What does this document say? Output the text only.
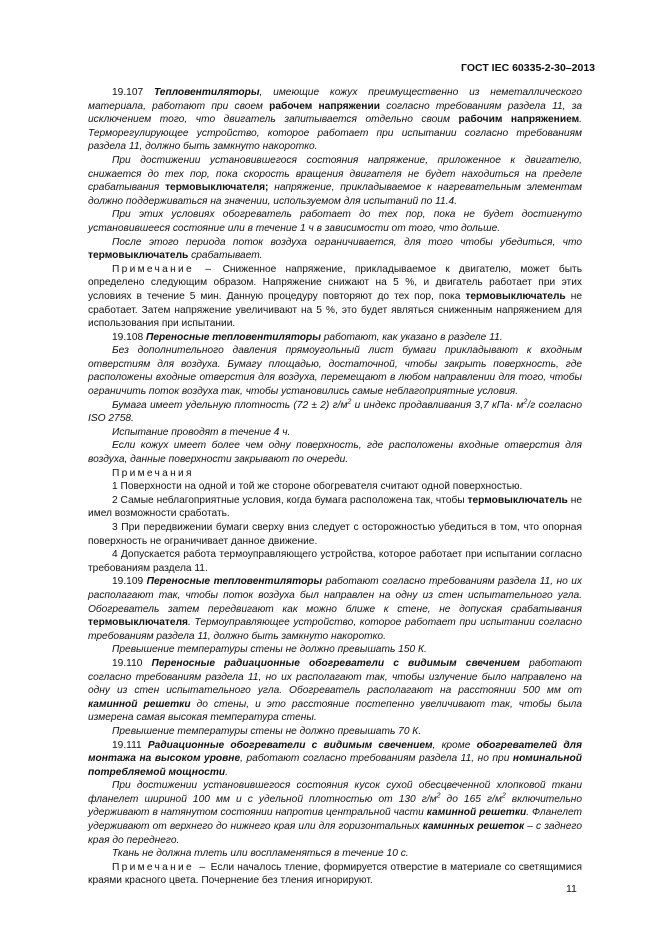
ГОСТ IEC 60335-2-30–2013

19.107 Тепловентиляторы, имеющие кожух преимущественно из неметаллического материала, работают при своем рабочем напряжении согласно требованиям раздела 11, за исключением того, что двигатель запитывается отдельно своим рабочим напряжением. Терморегулирующее устройство, которое работает при испытании согласно требованиям раздела 11, должно быть замкнуто накоротко.

При достижении установившегося состояния напряжение, приложенное к двигателю, снижается до тех пор, пока скорость вращения двигателя не будет находиться на пределе срабатывания термовыключателя; напряжение, прикладываемое к нагревательным элементам должно поддерживаться на значении, используемом для испытаний по 11.4.

При этих условиях обогреватель работает до тех пор, пока не будет достигнуто установившееся состояние или в течение 1 ч в зависимости от того, что дольше.

После этого периода поток воздуха ограничивается, для того чтобы убедиться, что термовыключатель срабатывает.

Примечание – Сниженное напряжение, прикладываемое к двигателю, может быть определено следующим образом. Напряжение снижают на 5 %, и двигатель работает при этих условиях в течение 5 мин. Данную процедуру повторяют до тех пор, пока термовыключатель не сработает. Затем напряжение увеличивают на 5 %, это будет являться сниженным напряжением для использования при испытании.

19.108 Переносные тепловентиляторы работают, как указано в разделе 11.

Без дополнительного давления прямоугольный лист бумаги прикладывают к входным отверстиям для воздуха. Бумагу площадью, достаточной, чтобы закрыть поверхность, где расположены входные отверстия для воздуха, перемещают в любом направлении для того, чтобы ограничить поток воздуха так, чтобы установились самые неблагоприятные условия.

Бумага имеет удельную плотность (72 ± 2) $г/м^2$ и индекс продавливания 3,7 $кПа\cdot м^2/г$ согласно ISO 2758.

Испытание проводят в течение 4 ч.

Если кожух имеет более чем одну поверхность, где расположены входные отверстия для воздуха, данные поверхности закрывают по очереди.

Примечания

1 Поверхности на одной и той же стороне обогревателя считают одной поверхностью.

2 Самые неблагоприятные условия, когда бумага расположена так, чтобы термовыключатель не имел возможности сработать.

3 При передвижении бумаги сверху вниз следует с осторожностью убедиться в том, что опорная поверхность не ограничивает данное движение.

4 Допускается работа термоуправляющего устройства, которое работает при испытании согласно требованиям раздела 11.

19.109 Переносные тепловентиляторы работают согласно требованиям раздела 11, но их располагают так, чтобы поток воздуха был направлен на одну из стен испытательного угла. Обогреватель затем передвигают как можно ближе к стене, не допуская срабатывания термовыключателя. Термоуправляющее устройство, которое работает при испытании согласно требованиям раздела 11, должно быть замкнуто накоротко.

Превышение температуры стены не должно превышать 150 К.

19.110 Переносные радиационные обогреватели с видимым свечением работают согласно требованиям раздела 11, но их располагают так, чтобы излучение было направлено на одну из стен испытательного угла. Обогреватель располагают на расстоянии 500 мм от каминной решетки до стены, и это расстояние постепенно увеличивают так, чтобы была измерена самая высокая температура стены.

Превышение температуры стены не должно превышать 70 К.

19.111 Радиационные обогреватели с видимым свечением, кроме обогревателей для монтажа на высоком уровне, работают согласно требованиям раздела 11, но при номинальной потребляемой мощности.

При достижении установившегося состояния кусок сухой обесцвеченной хлопковой ткани фланелет шириной 100 мм и с удельной плотностью от 130 $г/м^2$ до 165 $г/м^2$ включительно удерживают в натянутом состоянии напротив центральной части каминной решетки. Фланелет удерживают от верхнего до нижнего края или для горизонтальных каминных решеток – с заднего края до переднего.

Ткань не должна тлеть или воспламеняться в течение 10 с.

Примечание – Если началось тление, формируется отверстие в материале со светящимися краями красного цвета. Почернение без тления игнорируют.

11
